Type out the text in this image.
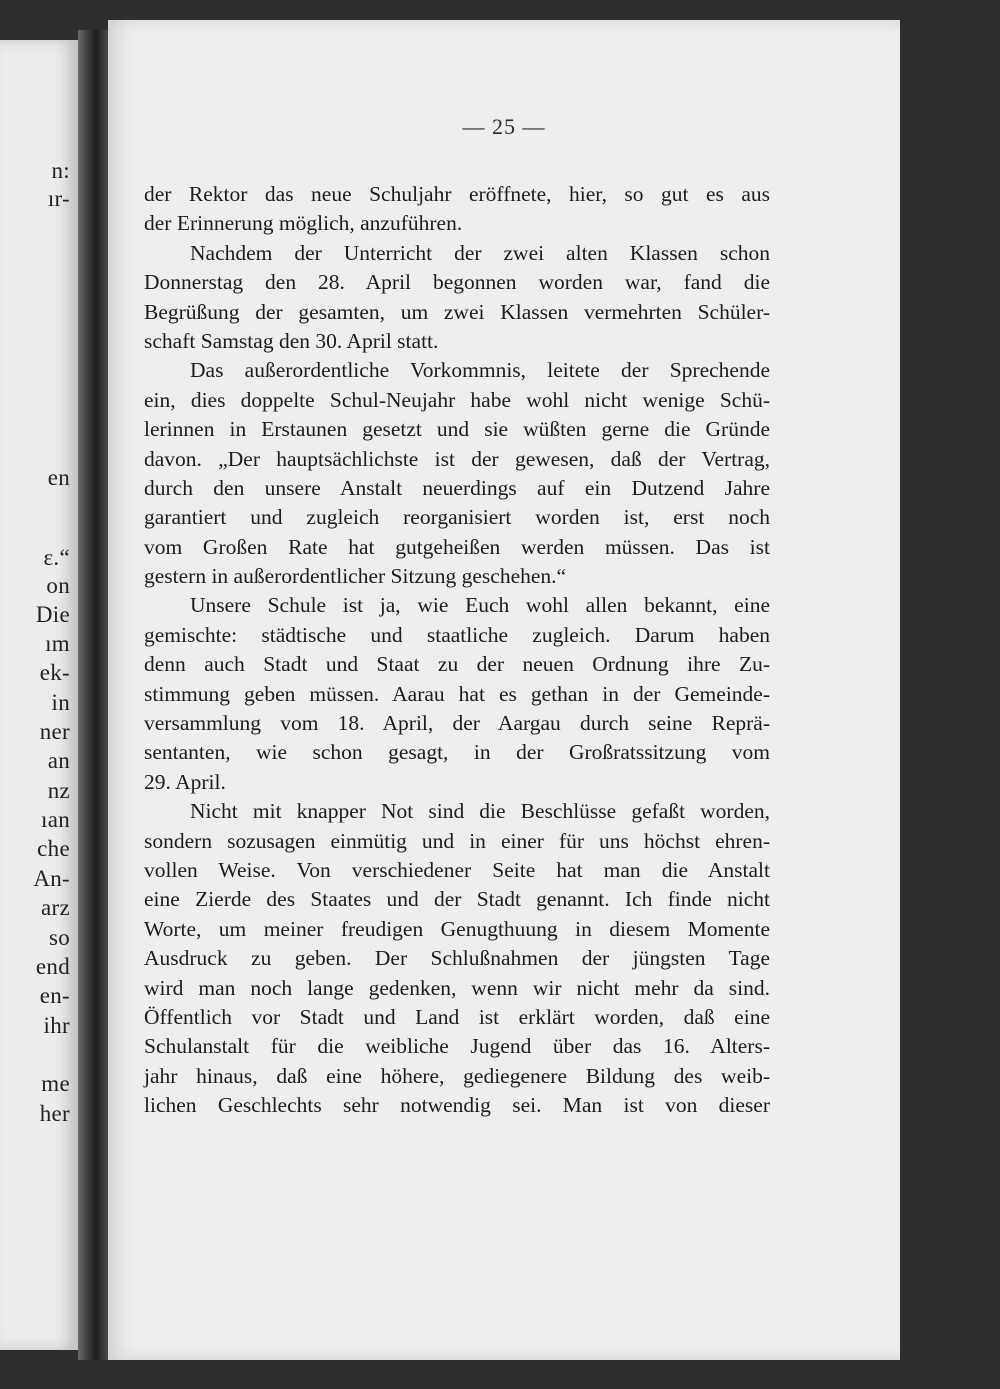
n:
ır-
en
ɛ.“
on
Die
ım
ek-
in
ner
an
nz
ıan
che
An-
arz
so
end
en-
ihr
me
her
— 25 —
der Rektor das neue Schuljahr eröffnete, hier, so gut es aus
der Erinnerung möglich, anzuführen.
Nachdem der Unterricht der zwei alten Klassen schon
Donnerstag den 28. April begonnen worden war, fand die
Begrüßung der gesamten, um zwei Klassen vermehrten Schüler-
schaft Samstag den 30. April statt.
Das außerordentliche Vorkommnis, leitete der Sprechende
ein, dies doppelte Schul-Neujahr habe wohl nicht wenige Schü-
lerinnen in Erstaunen gesetzt und sie wüßten gerne die Gründe
davon. „Der hauptsächlichste ist der gewesen, daß der Vertrag,
durch den unsere Anstalt neuerdings auf ein Dutzend Jahre
garantiert und zugleich reorganisiert worden ist, erst noch
vom Großen Rate hat gutgeheißen werden müssen. Das ist
gestern in außerordentlicher Sitzung geschehen.“
Unsere Schule ist ja, wie Euch wohl allen bekannt, eine
gemischte: städtische und staatliche zugleich. Darum haben
denn auch Stadt und Staat zu der neuen Ordnung ihre Zu-
stimmung geben müssen. Aarau hat es gethan in der Gemeinde-
versammlung vom 18. April, der Aargau durch seine Reprä-
sentanten, wie schon gesagt, in der Großratssitzung vom
29. April.
Nicht mit knapper Not sind die Beschlüsse gefaßt worden,
sondern sozusagen einmütig und in einer für uns höchst ehren-
vollen Weise. Von verschiedener Seite hat man die Anstalt
eine Zierde des Staates und der Stadt genannt. Ich finde nicht
Worte, um meiner freudigen Genugthuung in diesem Momente
Ausdruck zu geben. Der Schlußnahmen der jüngsten Tage
wird man noch lange gedenken, wenn wir nicht mehr da sind.
Öffentlich vor Stadt und Land ist erklärt worden, daß eine
Schulanstalt für die weibliche Jugend über das 16. Alters-
jahr hinaus, daß eine höhere, gediegenere Bildung des weib-
lichen Geschlechts sehr notwendig sei. Man ist von dieser
